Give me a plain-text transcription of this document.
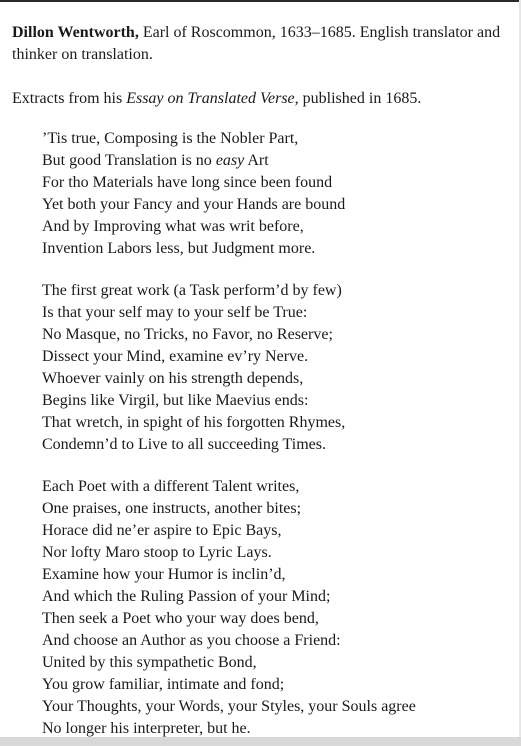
Dillon Wentworth, Earl of Roscommon, 1633–1685. English translator and thinker on translation.

Extracts from his Essay on Translated Verse, published in 1685.

’Tis true, Composing is the Nobler Part,
But good Translation is no easy Art
For tho Materials have long since been found
Yet both your Fancy and your Hands are bound
And by Improving what was writ before,
Invention Labors less, but Judgment more.
The first great work (a Task perform’d by few)
Is that your self may to your self be True:
No Masque, no Tricks, no Favor, no Reserve;
Dissect your Mind, examine ev’ry Nerve.
Whoever vainly on his strength depends,
Begins like Virgil, but like Maevius ends:
That wretch, in spight of his forgotten Rhymes,
Condemn’d to Live to all succeeding Times.
Each Poet with a different Talent writes,
One praises, one instructs, another bites;
Horace did ne’er aspire to Epic Bays,
Nor lofty Maro stoop to Lyric Lays.
Examine how your Humor is inclin’d,
And which the Ruling Passion of your Mind;
Then seek a Poet who your way does bend,
And choose an Author as you choose a Friend:
United by this sympathetic Bond,
You grow familiar, intimate and fond;
Your Thoughts, your Words, your Styles, your Souls agree
No longer his interpreter, but he.
